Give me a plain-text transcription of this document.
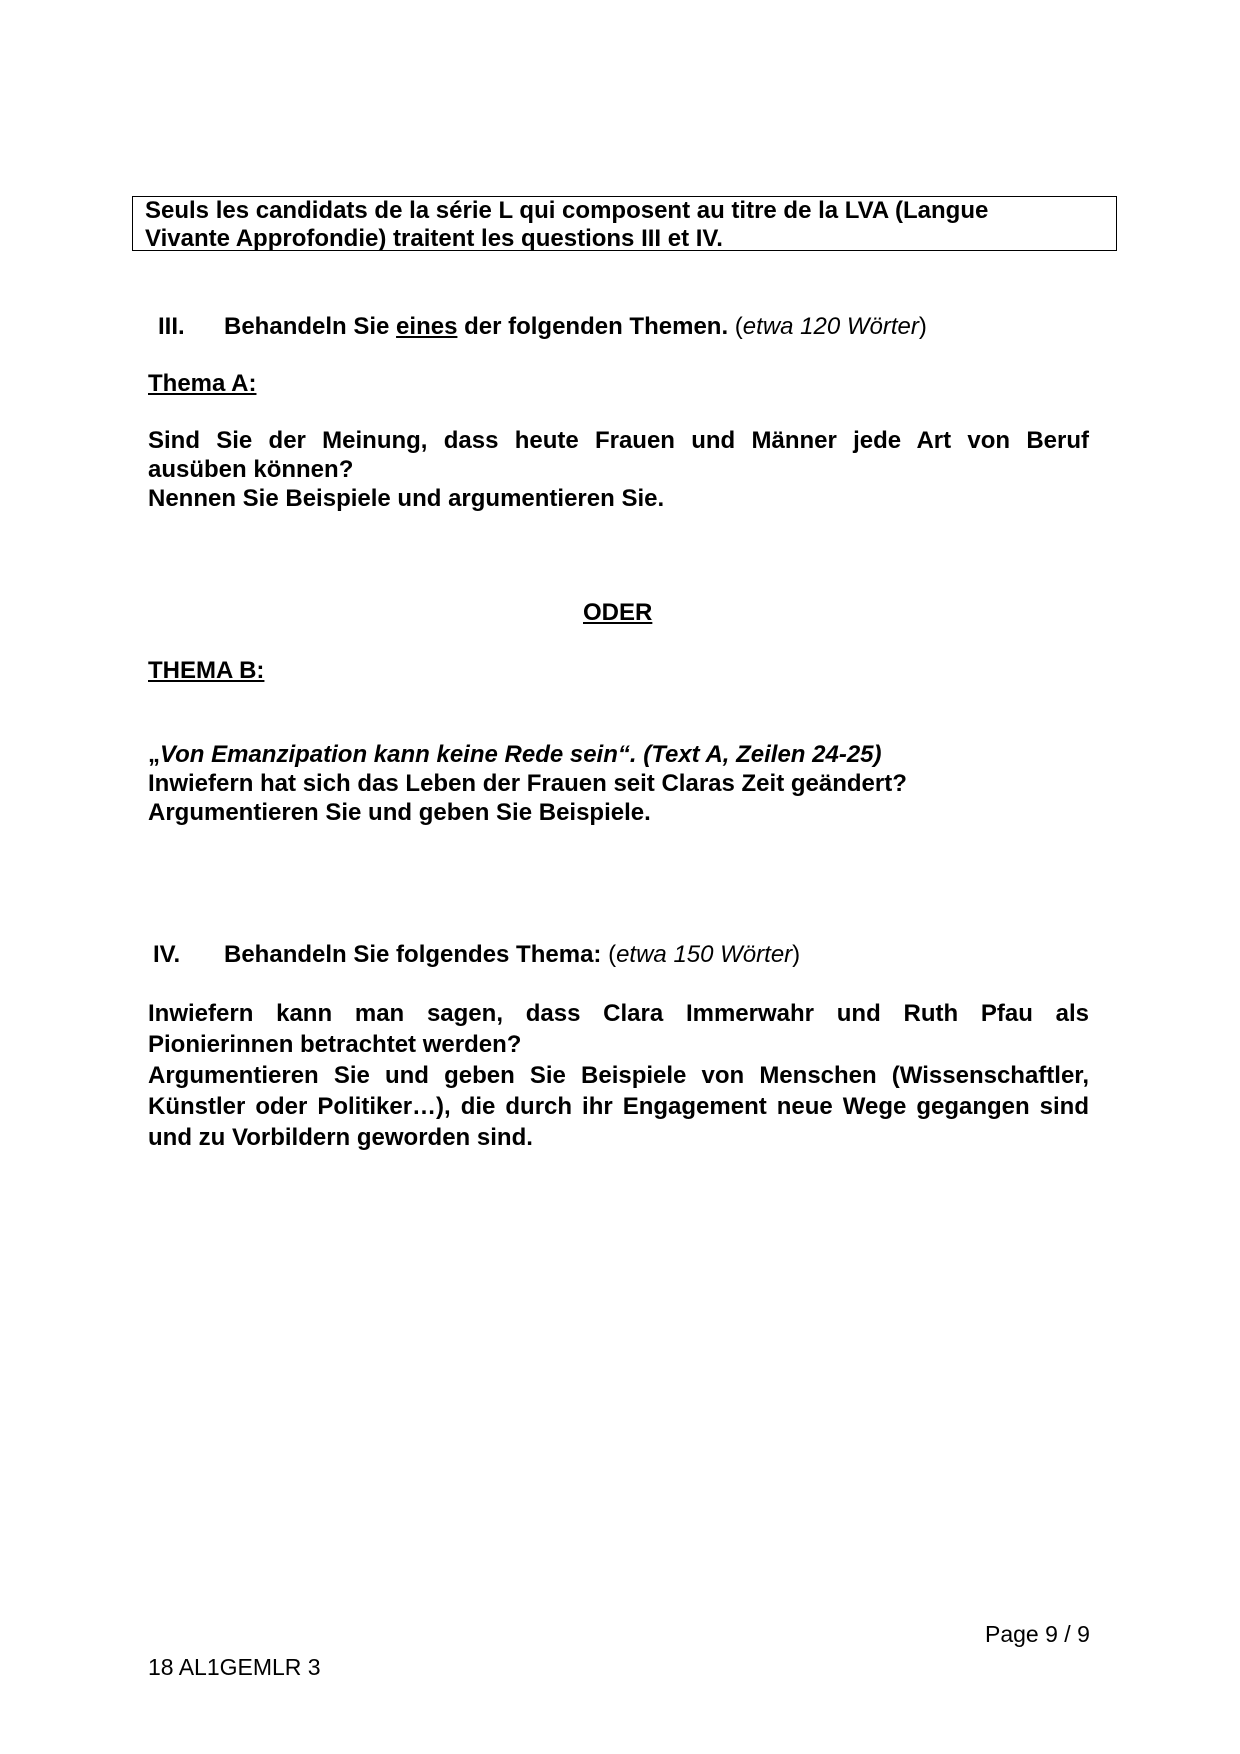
Seuls les candidats de la série L qui composent au titre de la LVA (Langue
Vivante Approfondie) traitent les questions III et IV.
III. Behandeln Sie eines der folgenden Themen. (etwa 120 Wörter)
Thema A:
Sind Sie der Meinung, dass heute Frauen und Männer jede Art von Beruf
ausüben können?
Nennen Sie Beispiele und argumentieren Sie.
ODER
THEMA B:
„Von Emanzipation kann keine Rede sein“. (Text A, Zeilen 24-25)
Inwiefern hat sich das Leben der Frauen seit Claras Zeit geändert?
Argumentieren Sie und geben Sie Beispiele.
IV. Behandeln Sie folgendes Thema: (etwa 150 Wörter)
Inwiefern kann man sagen, dass Clara Immerwahr und Ruth Pfau als
Pionierinnen betrachtet werden?
Argumentieren Sie und geben Sie Beispiele von Menschen (Wissenschaftler,
Künstler oder Politiker…), die durch ihr Engagement neue Wege gegangen sind
und zu Vorbildern geworden sind.
Page 9 / 9
18 AL1GEMLR 3
